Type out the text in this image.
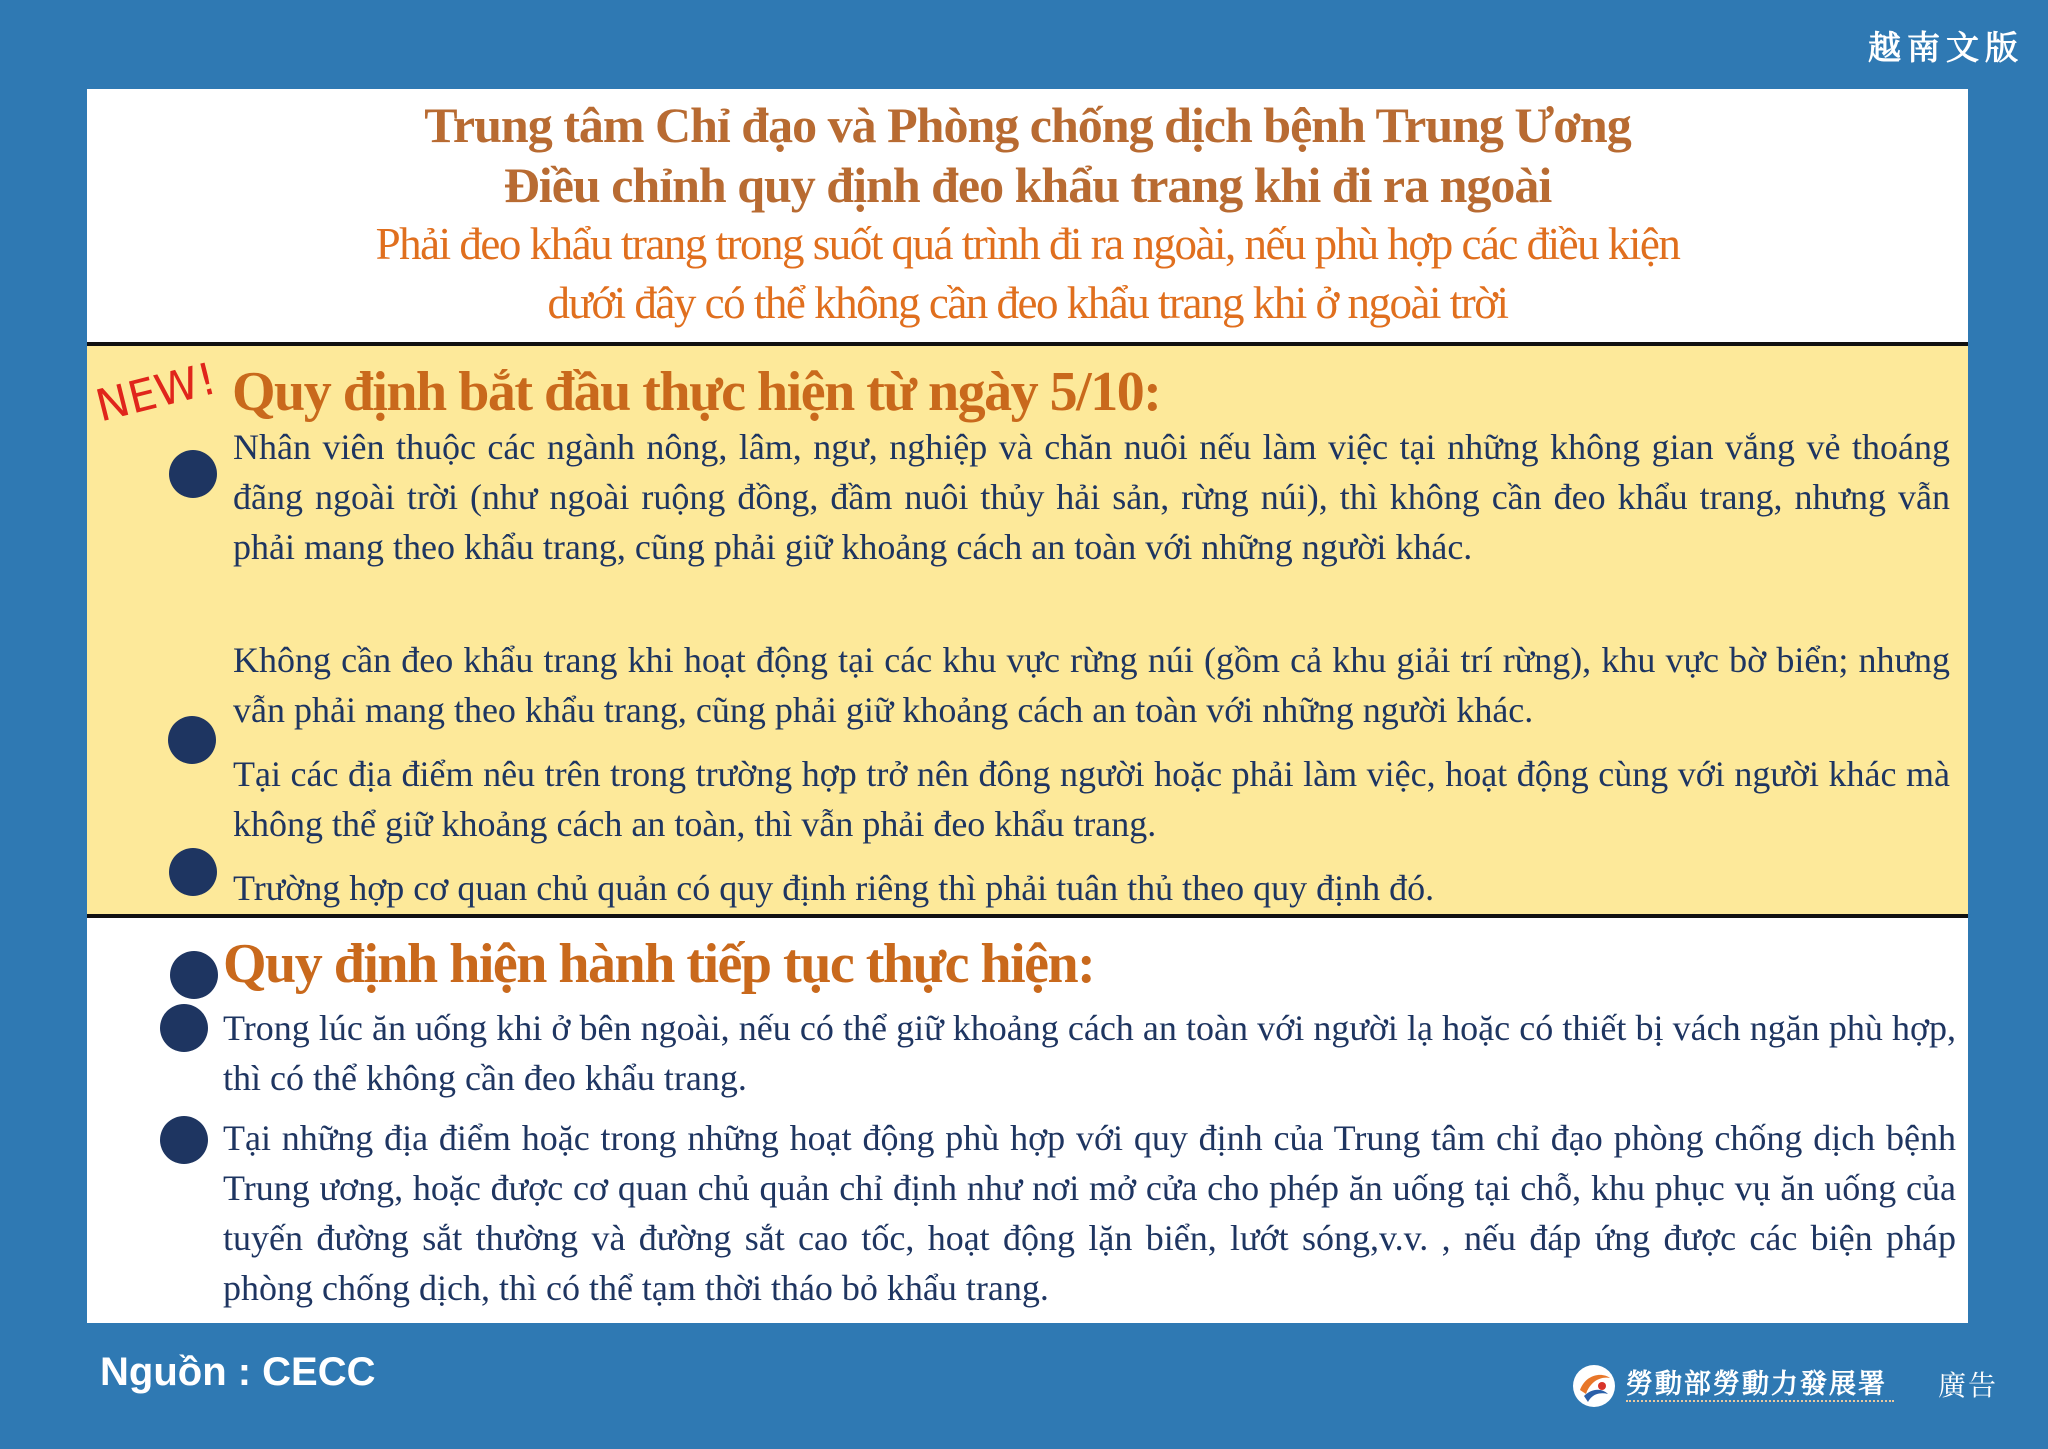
越南文版

Trung tâm Chỉ đạo và Phòng chống dịch bệnh Trung Ương

Điều chỉnh quy định đeo khẩu trang khi đi ra ngoài

Phải đeo khẩu trang trong suốt quá trình đi ra ngoài, nếu phù hợp các điều kiện

dưới đây có thể không cần đeo khẩu trang khi ở ngoài trời

NEW! Quy định bắt đầu thực hiện từ ngày 5/10:

Nhân viên thuộc các ngành nông, lâm, ngư, nghiệp và chăn nuôi nếu làm việc tại những không gian vắng vẻ thoáng đãng ngoài trời (như ngoài ruộng đồng, đầm nuôi thủy hải sản, rừng núi), thì không cần đeo khẩu trang, nhưng vẫn phải mang theo khẩu trang, cũng phải giữ khoảng cách an toàn với những người khác.

Không cần đeo khẩu trang khi hoạt động tại các khu vực rừng núi (gồm cả khu giải trí rừng), khu vực bờ biển; nhưng vẫn phải mang theo khẩu trang, cũng phải giữ khoảng cách an toàn với những người khác.

Tại các địa điểm nêu trên trong trường hợp trở nên đông người hoặc phải làm việc, hoạt động cùng với người khác mà không thể giữ khoảng cách an toàn, thì vẫn phải đeo khẩu trang.

Trường hợp cơ quan chủ quản có quy định riêng thì phải tuân thủ theo quy định đó.

Quy định hiện hành tiếp tục thực hiện:

Trong lúc ăn uống khi ở bên ngoài, nếu có thể giữ khoảng cách an toàn với người lạ hoặc có thiết bị vách ngăn phù hợp, thì có thể không cần đeo khẩu trang.

Tại những địa điểm hoặc trong những hoạt động phù hợp với quy định của Trung tâm chỉ đạo phòng chống dịch bệnh Trung ương, hoặc được cơ quan chủ quản chỉ định như nơi mở cửa cho phép ăn uống tại chỗ, khu phục vụ ăn uống của tuyến đường sắt thường và đường sắt cao tốc, hoạt động lặn biển, lướt sóng,v.v. , nếu đáp ứng được các biện pháp phòng chống dịch, thì có thể tạm thời tháo bỏ khẩu trang.

Nguồn : CECC	勞動部勞動力發展署 廣告
